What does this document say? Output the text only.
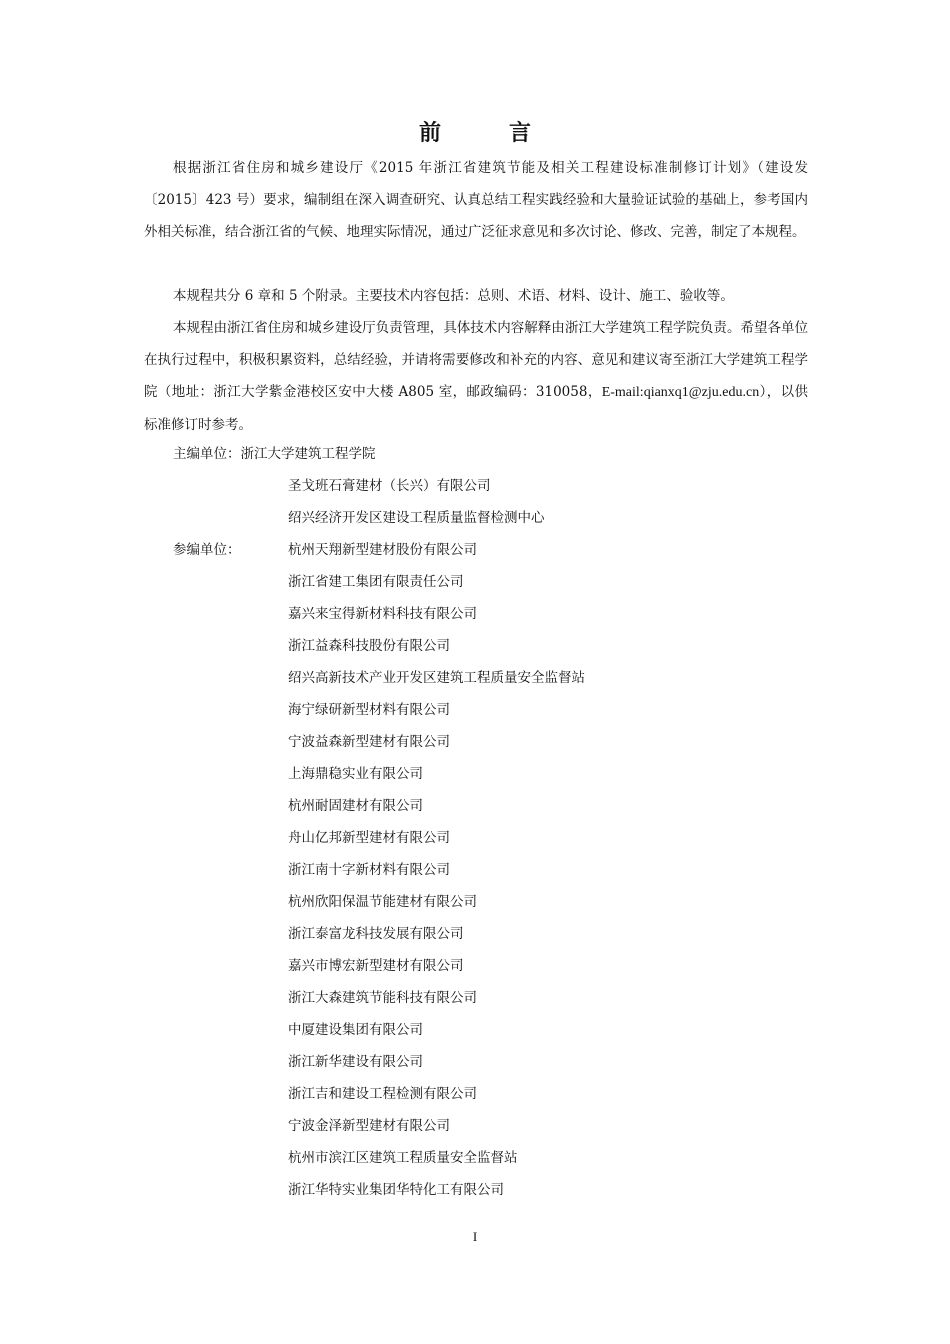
前	言

根据浙江省住房和城乡建设厅《2015 年浙江省建筑节能及相关工程建设标准制修订计划》（建设发〔2015〕423 号）要求，编制组在深入调查研究、认真总结工程实践经验和大量验证试验的基础上，参考国内外相关标准，结合浙江省的气候、地理实际情况，通过广泛征求意见和多次讨论、修改、完善，制定了本规程。

本规程共分 6 章和 5 个附录。主要技术内容包括：总则、术语、材料、设计、施工、验收等。

本规程由浙江省住房和城乡建设厅负责管理，具体技术内容解释由浙江大学建筑工程学院负责。希望各单位在执行过程中，积极积累资料，总结经验，并请将需要修改和补充的内容、意见和建议寄至浙江大学建筑工程学院（地址：浙江大学紫金港校区安中大楼 A805 室，邮政编码：310058，E-mail:qianxq1@zju.edu.cn），以供标准修订时参考。

主编单位：浙江大学建筑工程学院
圣戈班石膏建材（长兴）有限公司
绍兴经济开发区建设工程质量监督检测中心
参编单位：	杭州天翔新型建材股份有限公司
浙江省建工集团有限责任公司
嘉兴来宝得新材料科技有限公司
浙江益森科技股份有限公司
绍兴高新技术产业开发区建筑工程质量安全监督站
海宁绿研新型材料有限公司
宁波益森新型建材有限公司
上海鼎稳实业有限公司
杭州耐固建材有限公司
舟山亿邦新型建材有限公司
浙江南十字新材料有限公司
杭州欣阳保温节能建材有限公司
浙江泰富龙科技发展有限公司
嘉兴市博宏新型建材有限公司
浙江大森建筑节能科技有限公司
中厦建设集团有限公司
浙江新华建设有限公司
浙江吉和建设工程检测有限公司
宁波金泽新型建材有限公司
杭州市滨江区建筑工程质量安全监督站
浙江华特实业集团华特化工有限公司
I
